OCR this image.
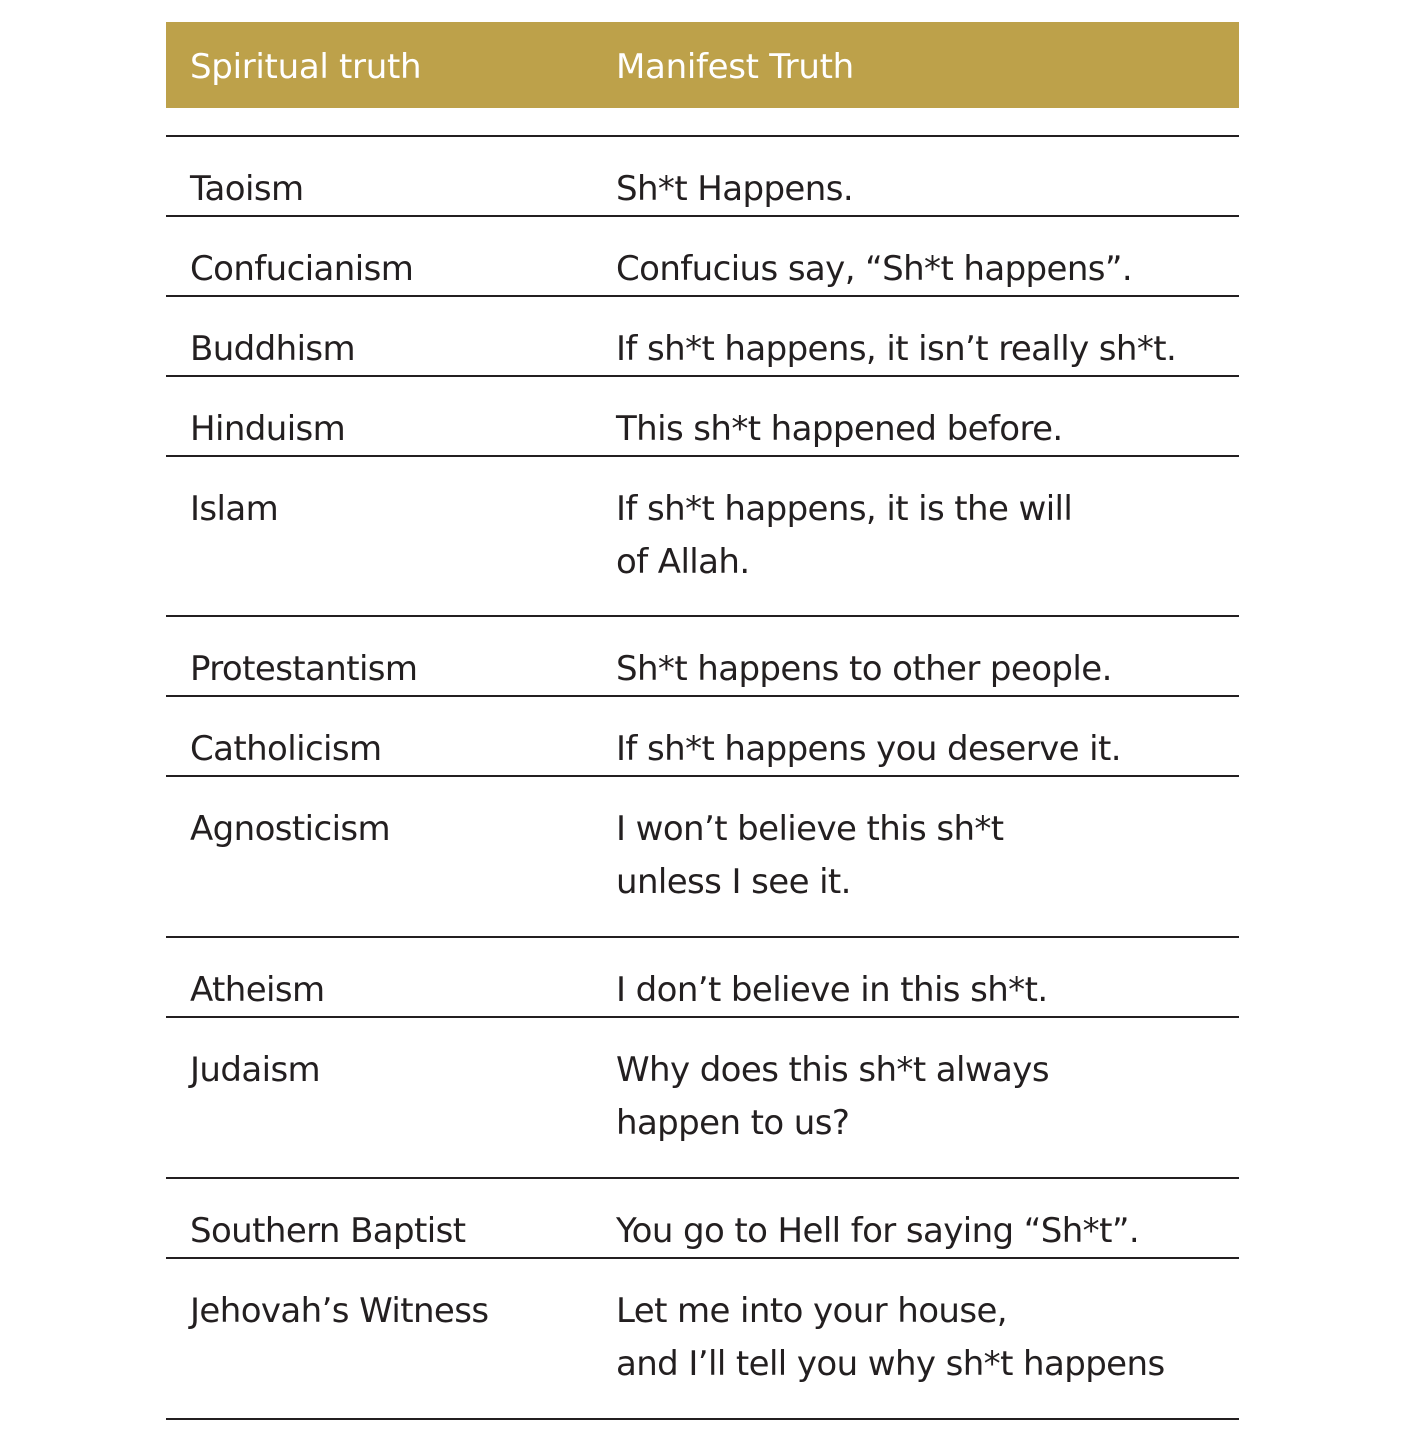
Spiritual truth	Manifest Truth
Taoism	Sh*t Happens.
Confucianism	Confucius say, “Sh*t happens”.
Buddhism	If sh*t happens, it isn’t really sh*t.
Hinduism	This sh*t happened before.
Islam	If sh*t happens, it is the will
of Allah.
Protestantism	Sh*t happens to other people.
Catholicism	If sh*t happens you deserve it.
Agnosticism	I won’t believe this sh*t
unless I see it.
Atheism	I don’t believe in this sh*t.
Judaism	Why does this sh*t always
happen to us?
Southern Baptist	You go to Hell for saying “Sh*t”.
Jehovah’s Witness	Let me into your house,
and I’ll tell you why sh*t happens
